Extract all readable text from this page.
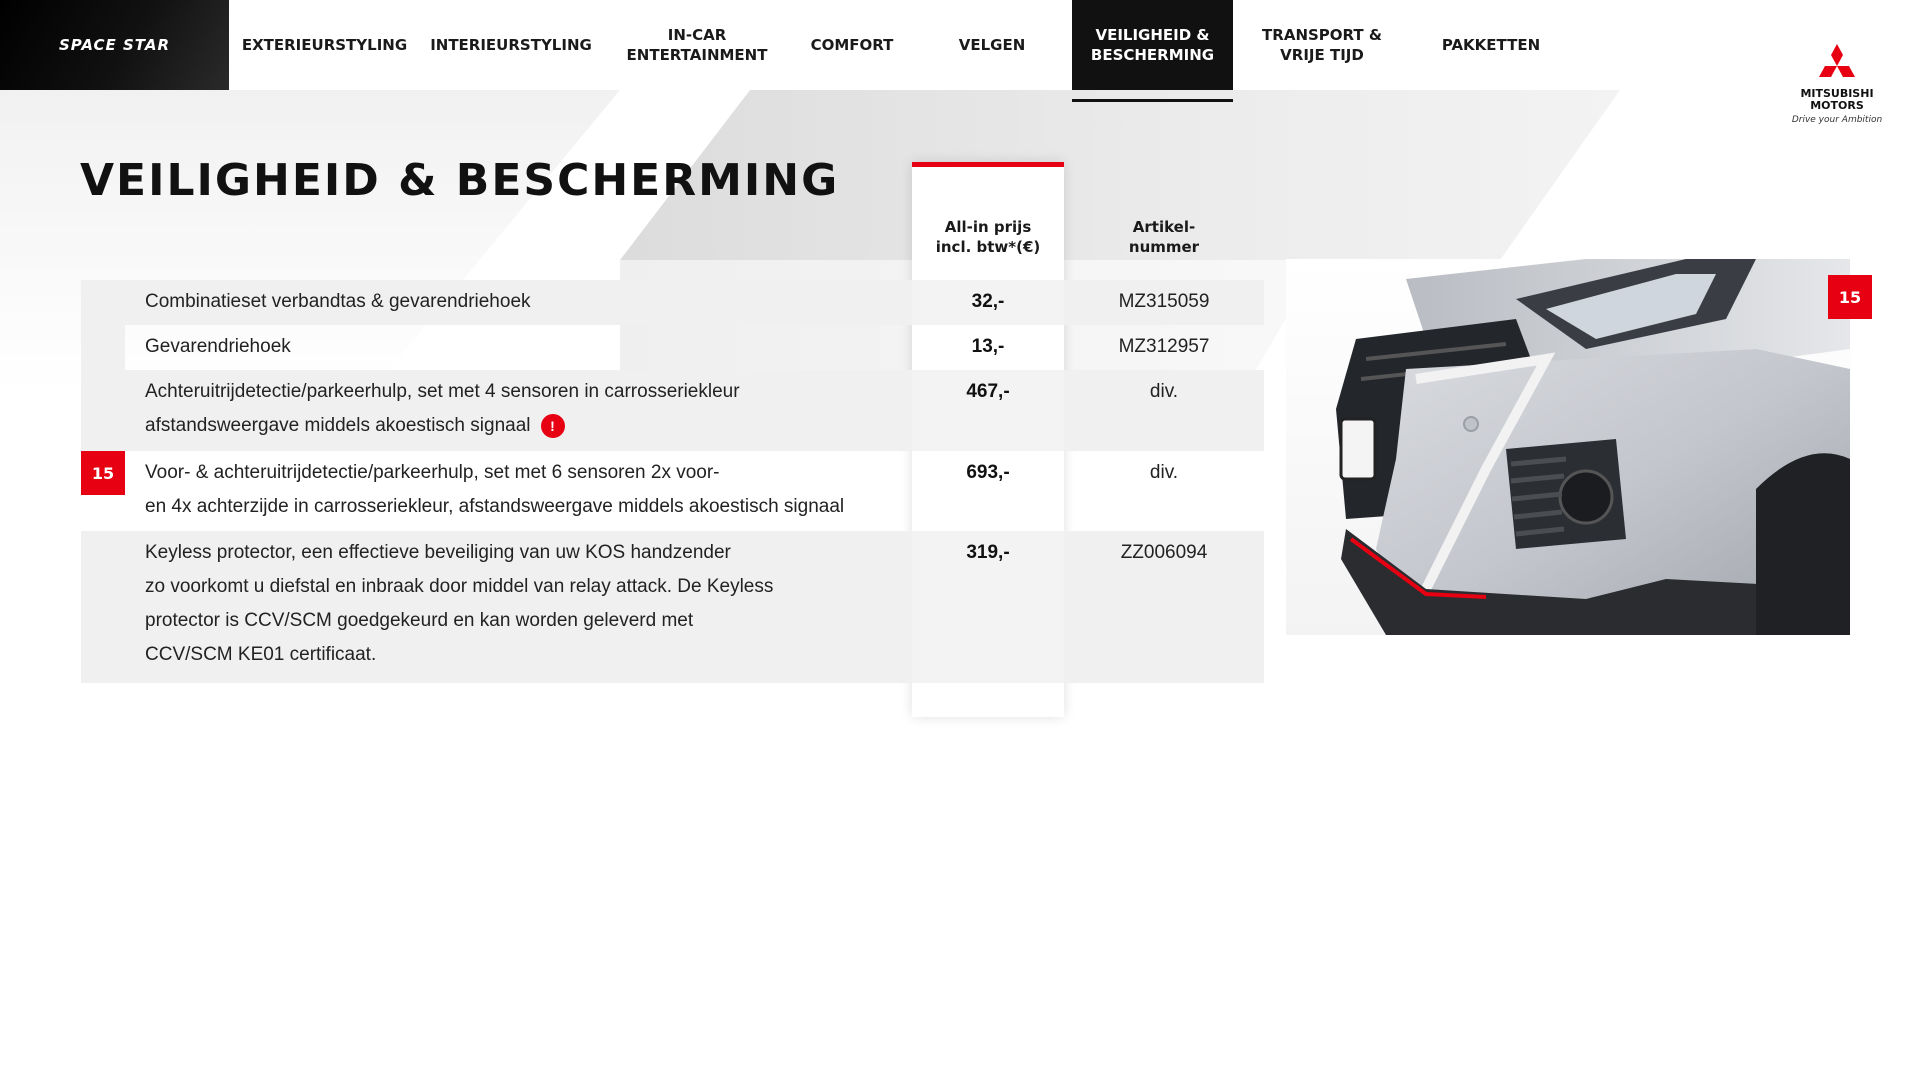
SPACE STAR	EXTERIEURSTYLING	INTERIEURSTYLING
IN-CAR
ENTERTAINMENT
COMFORT	VELGEN
VEILIGHEID &
BESCHERMING
TRANSPORT &
VRIJE TIJD
PAKKETTEN
MITSUBISHI
MOTORS
Drive your Ambition
VEILIGHEID & BESCHERMING
All-in prijs
incl. btw*(€)
Artikel-
nummer
Combinatieset verbandtas & gevarendriehoek	32,-	MZ315059
Gevarendriehoek	13,-	MZ312957
Achteruitrijdetectie/parkeerhulp, set met 4 sensoren in carrosseriekleur
afstandsweergave middels akoestisch signaal !
467,-	div.
15	Voor- & achteruitrijdetectie/parkeerhulp, set met 6 sensoren 2x voor-
en 4x achterzijde in carrosseriekleur, afstandsweergave middels akoestisch signaal
693,-	div.
Keyless protector, een effectieve beveiliging van uw KOS handzender
zo voorkomt u diefstal en inbraak door middel van relay attack. De Keyless
protector is CCV/SCM goedgekeurd en kan worden geleverd met
CCV/SCM KE01 certificaat.
319,-	ZZ006094
15
